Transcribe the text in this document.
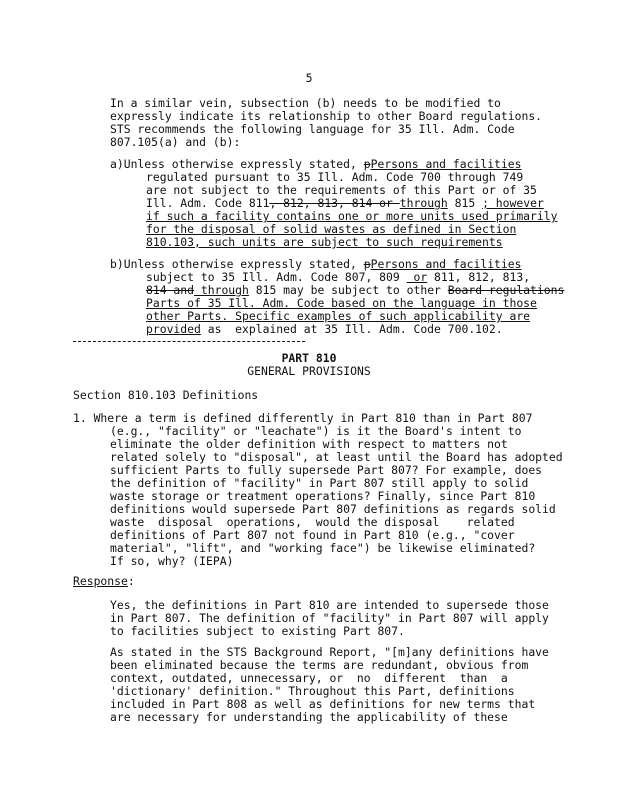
5
In a similar vein, subsection (b) needs to be modified to
expressly indicate its relationship to other Board regulations.
STS recommends the following language for 35 Ill. Adm. Code
807.105(a) and (b):
a)Unless otherwise expressly stated, pPersons and facilities
regulated pursuant to 35 Ill. Adm. Code 700 through 749
are not subject to the requirements of this Part or of 35
Ill. Adm. Code 811, 812, 813, 814 or through 815 ; however
if such a facility contains one or more units used primarily
for the disposal of solid wastes as defined in Section
810.103, such units are subject to such requirements
b)Unless otherwise expressly stated, pPersons and facilities
subject to 35 Ill. Adm. Code 807, 809  or 811, 812, 813,
814 and through 815 may be subject to other Board regulations
Parts of 35 Ill. Adm. Code based on the language in those
other Parts. Specific examples of such applicability are
provided as  explained at 35 Ill. Adm. Code 700.102.
PART 810
GENERAL PROVISIONS
Section 810.103 Definitions
1. Where a term is defined differently in Part 810 than in Part 807
(e.g., "facility" or "leachate") is it the Board's intent to
eliminate the older definition with respect to matters not
related solely to "disposal", at least until the Board has adopted
sufficient Parts to fully supersede Part 807? For example, does
the definition of "facility" in Part 807 still apply to solid
waste storage or treatment operations? Finally, since Part 810
definitions would supersede Part 807 definitions as regards solid
waste  disposal  operations,  would the disposal    related
definitions of Part 807 not found in Part 810 (e.g., "cover
material", "lift", and "working face") be likewise eliminated?
If so, why? (IEPA)
Response:
Yes, the definitions in Part 810 are intended to supersede those
in Part 807. The definition of "facility" in Part 807 will apply
to facilities subject to existing Part 807.
As stated in the STS Background Report, "[m]any definitions have
been eliminated because the terms are redundant, obvious from
context, outdated, unnecessary, or  no  different  than  a
'dictionary' definition." Throughout this Part, definitions
included in Part 808 as well as definitions for new terms that
are necessary for understanding the applicability of these
